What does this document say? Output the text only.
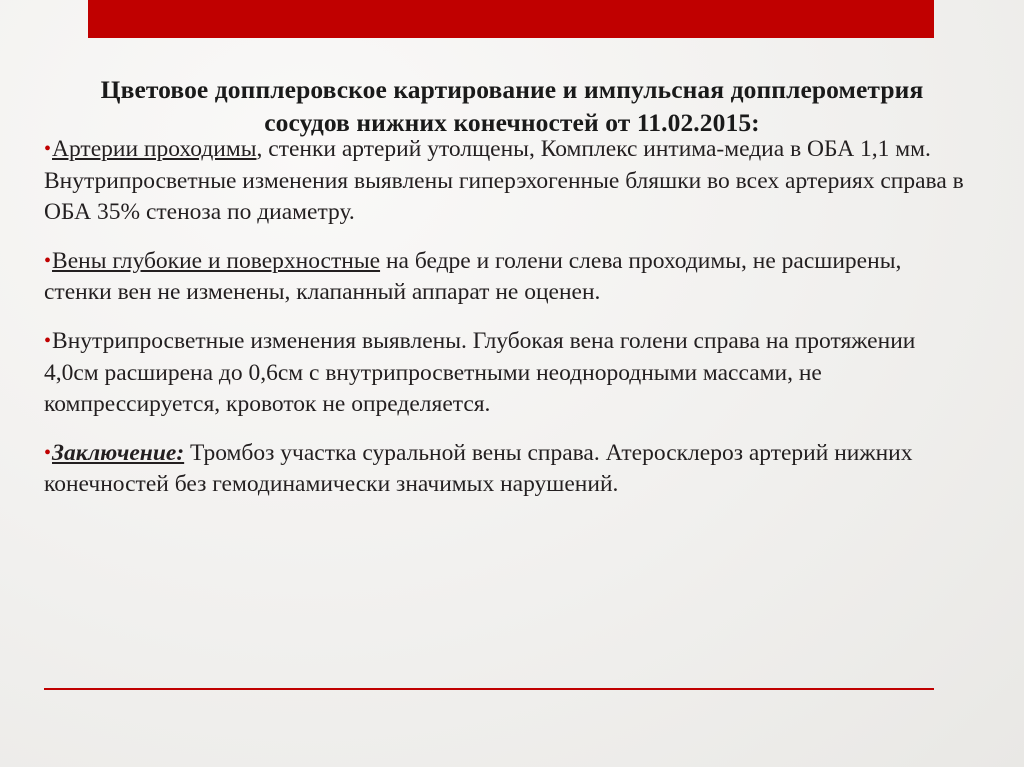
Цветовое допплеровское картирование и импульсная допплерометрия сосудов нижних конечностей от 11.02.2015:

•Артерии проходимы, стенки артерий утолщены, Комплекс интима-медиа в ОБА 1,1 мм. Внутрипросветные изменения выявлены гиперэхогенные бляшки во всех артериях справа в ОБА 35% стеноза по диаметру.

•Вены глубокие и поверхностные на бедре и голени слева проходимы, не расширены, стенки вен не изменены, клапанный аппарат не оценен.

•Внутрипросветные изменения выявлены. Глубокая вена голени справа на протяжении 4,0см расширена до 0,6см с внутрипросветными неоднородными массами, не компрессируется, кровоток не определяется.

•Заключение: Тромбоз участка суральной вены справа. Атеросклероз артерий нижних конечностей без гемодинамически значимых нарушений.
